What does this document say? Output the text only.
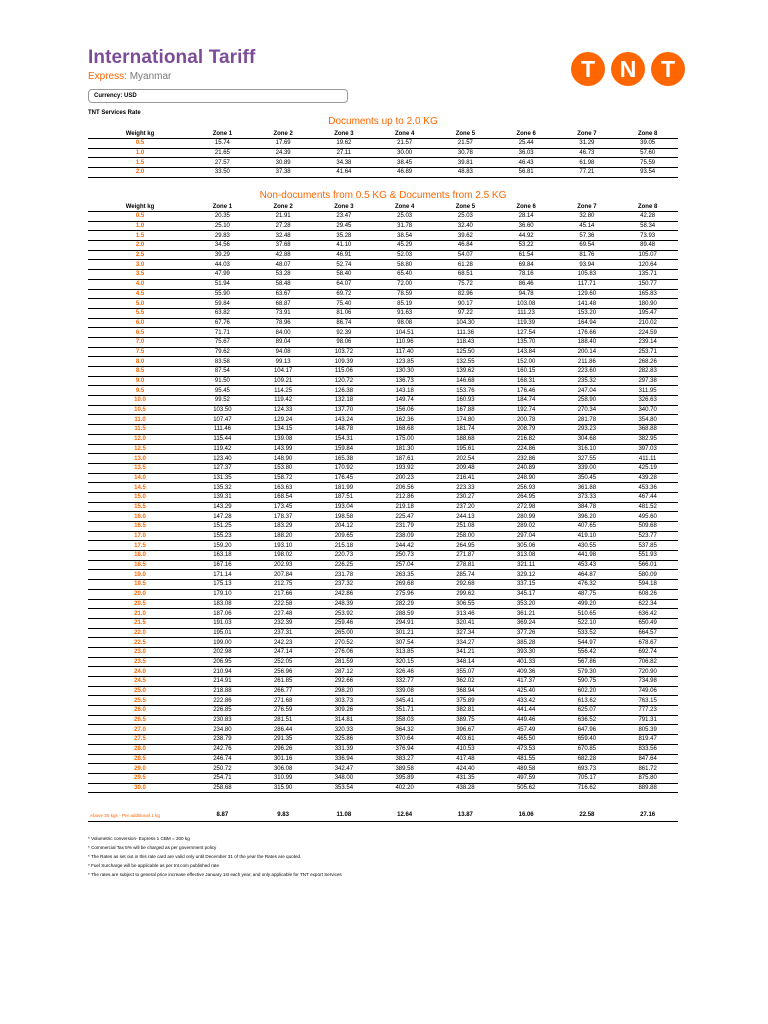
International Tariff
Express: Myanmar	T	N	T
Currency: USD
TNT Services Rate
Documents up to 2.0 KG
Weight kg	Zone 1	Zone 2	Zone 3	Zone 4	Zone 5	Zone 6	Zone 7	Zone 8
0.5	15.74	17.69	19.62	21.57	21.57	25.44	31.29	39.05
1.0	21.65	24.39	27.11	30.00	30.78	36.03	46.73	57.60
1.5	27.57	30.89	34.38	38.45	39.81	46.43	61.98	75.59
2.0	33.50	37.38	41.64	46.89	48.83	56.81	77.21	93.54
Non-documents from 0.5 KG & Documents from 2.5 KG
Weight kg	Zone 1	Zone 2	Zone 3	Zone 4	Zone 5	Zone 6	Zone 7	Zone 8
0.5	20.35	21.91	23.47	25.03	25.03	28.14	32.80	42.28
1.0	25.10	27.28	29.45	31.78	32.40	36.60	45.14	58.34
1.5	29.83	32.48	35.28	38.54	39.62	44.92	57.36	73.93
2.0	34.56	37.68	41.10	45.29	46.84	53.22	69.54	89.48
2.5	39.29	42.88	46.91	52.03	54.07	61.54	81.76	105.07
3.0	44.03	48.07	52.74	58.80	61.28	69.84	93.94	120.64
3.5	47.99	53.28	58.40	65.40	68.51	78.16	105.83	135.71
4.0	51.94	58.48	64.07	72.00	75.72	86.46	117.71	150.77
4.5	55.90	63.67	69.72	78.59	82.96	94.78	129.60	165.83
5.0	59.84	68.87	75.40	85.19	90.17	103.08	141.48	180.90
5.5	63.82	73.91	81.06	91.63	97.22	111.23	153.20	195.47
6.0	67.76	78.96	86.74	98.08	104.30	119.39	164.94	210.02
6.5	71.71	84.00	92.39	104.51	111.36	127.54	176.66	224.59
7.0	75.67	89.04	98.06	110.96	118.43	135.70	188.40	239.14
7.5	79.62	94.08	103.72	117.40	125.50	143.84	200.14	253.71
8.0	83.58	99.13	109.39	123.85	132.55	152.00	211.86	268.26
8.5	87.54	104.17	115.06	130.30	139.62	160.15	223.60	282.83
9.0	91.50	109.21	120.72	136.73	146.68	168.31	235.32	297.38
9.5	95.45	114.25	126.38	143.18	153.76	176.46	247.04	311.95
10.0	99.52	119.42	132.18	149.74	160.93	184.74	258.90	326.63
10.5	103.50	124.33	137.70	156.06	167.88	192.74	270.34	340.70
11.0	107.47	129.24	143.24	162.36	174.80	200.78	281.78	354.80
11.5	111.46	134.15	148.78	168.68	181.74	208.79	293.23	368.88
12.0	115.44	139.08	154.31	175.00	188.68	216.82	304.68	382.95
12.5	119.42	143.99	159.84	181.30	195.61	224.86	316.10	397.03
13.0	123.40	148.90	165.38	187.61	202.54	232.86	327.55	411.11
13.5	127.37	153.80	170.92	193.92	209.48	240.89	339.00	425.19
14.0	131.35	158.72	176.45	200.23	216.41	248.90	350.45	439.28
14.5	135.32	163.63	181.99	206.56	223.33	256.93	361.88	453.36
15.0	139.31	168.54	187.51	212.86	230.27	264.95	373.33	467.44
15.5	143.29	173.45	193.04	219.18	237.20	272.98	384.78	481.52
16.0	147.28	178.37	198.58	225.47	244.13	280.99	396.20	495.60
16.5	151.25	183.29	204.12	231.79	251.08	289.02	407.65	509.68
17.0	155.23	188.20	209.65	238.09	258.00	297.04	419.10	523.77
17.5	159.20	193.10	215.18	244.42	264.95	305.06	430.55	537.85
18.0	163.18	198.02	220.73	250.73	271.87	313.08	441.98	551.93
18.5	167.16	202.93	226.25	257.04	278.81	321.11	453.43	566.01
19.0	171.14	207.84	231.78	263.35	285.74	329.12	464.87	580.09
19.5	175.13	212.75	237.32	269.68	292.68	337.15	476.32	594.18
20.0	179.10	217.66	242.86	275.96	299.62	345.17	487.75	608.26
20.5	183.08	222.58	248.39	282.29	306.55	353.20	499.20	622.34
21.0	187.06	227.48	253.92	288.59	313.46	361.21	510.65	636.42
21.5	191.03	232.39	259.46	294.91	320.41	369.24	522.10	650.49
22.0	195.01	237.31	265.00	301.21	327.34	377.26	533.52	664.57
22.5	199.00	242.23	270.52	307.54	334.27	385.28	544.97	678.67
23.0	202.98	247.14	276.06	313.85	341.21	393.30	556.42	692.74
23.5	206.95	252.05	281.59	320.15	348.14	401.33	567.86	706.82
24.0	210.94	256.96	287.12	326.46	355.07	409.36	579.30	720.90
24.5	214.91	261.85	292.66	332.77	362.02	417.37	590.75	734.98
25.0	218.88	266.77	298.20	339.08	368.94	425.40	602.20	749.06
25.5	222.86	271.68	303.73	345.41	375.89	433.42	613.62	763.15
26.0	226.85	276.59	309.26	351.71	382.81	441.44	625.07	777.23
26.5	230.83	281.51	314.81	358.03	389.75	449.46	636.52	791.31
27.0	234.80	286.44	320.33	364.32	396.67	457.49	647.96	805.39
27.5	238.79	291.35	325.86	370.64	403.61	465.50	659.40	819.47
28.0	242.76	296.26	331.39	376.94	410.53	473.53	670.85	833.56
28.5	246.74	301.16	336.94	383.27	417.48	481.55	682.28	847.64
29.0	250.72	306.08	342.47	389.58	424.40	489.58	693.73	861.72
29.5	254.71	310.99	348.00	395.89	431.35	497.59	705.17	875.80
30.0	258.68	315.90	353.54	402.20	438.28	505.62	716.62	889.88
Above 30 kgs - Per additional 1 kg	8.87	9.83	11.08	12.64	13.87	16.06	22.58	27.16
* Volumetric conversion- Express 1 CBM = 200 kg
* Commercial Tax 5% will be charged as per government policy
* The Rates as set out in this rate card are valid only until December 31 of the year the Rates are quoted.
* Fuel Surcharge will be applicable as per tnt.com published rate
* The rates are subject to general price increase effective January 1st each year, and only applicable for TNT export Services
